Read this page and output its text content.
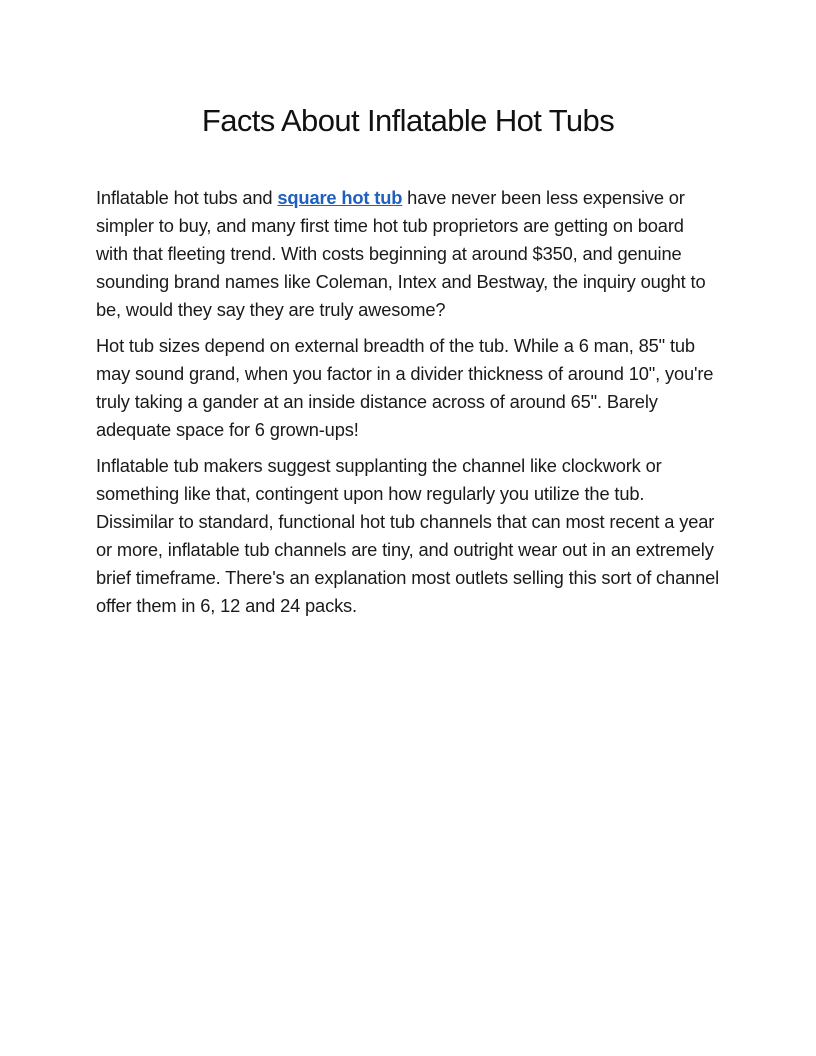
Facts About Inflatable Hot Tubs

Inflatable hot tubs and square hot tub have never been less expensive or simpler to buy, and many first time hot tub proprietors are getting on board with that fleeting trend. With costs beginning at around $350, and genuine sounding brand names like Coleman, Intex and Bestway, the inquiry ought to be, would they say they are truly awesome?

Hot tub sizes depend on external breadth of the tub. While a 6 man, 85" tub may sound grand, when you factor in a divider thickness of around 10", you're truly taking a gander at an inside distance across of around 65". Barely adequate space for 6 grown-ups!

Inflatable tub makers suggest supplanting the channel like clockwork or something like that, contingent upon how regularly you utilize the tub. Dissimilar to standard, functional hot tub channels that can most recent a year or more, inflatable tub channels are tiny, and outright wear out in an extremely brief timeframe. There's an explanation most outlets selling this sort of channel offer them in 6, 12 and 24 packs.
